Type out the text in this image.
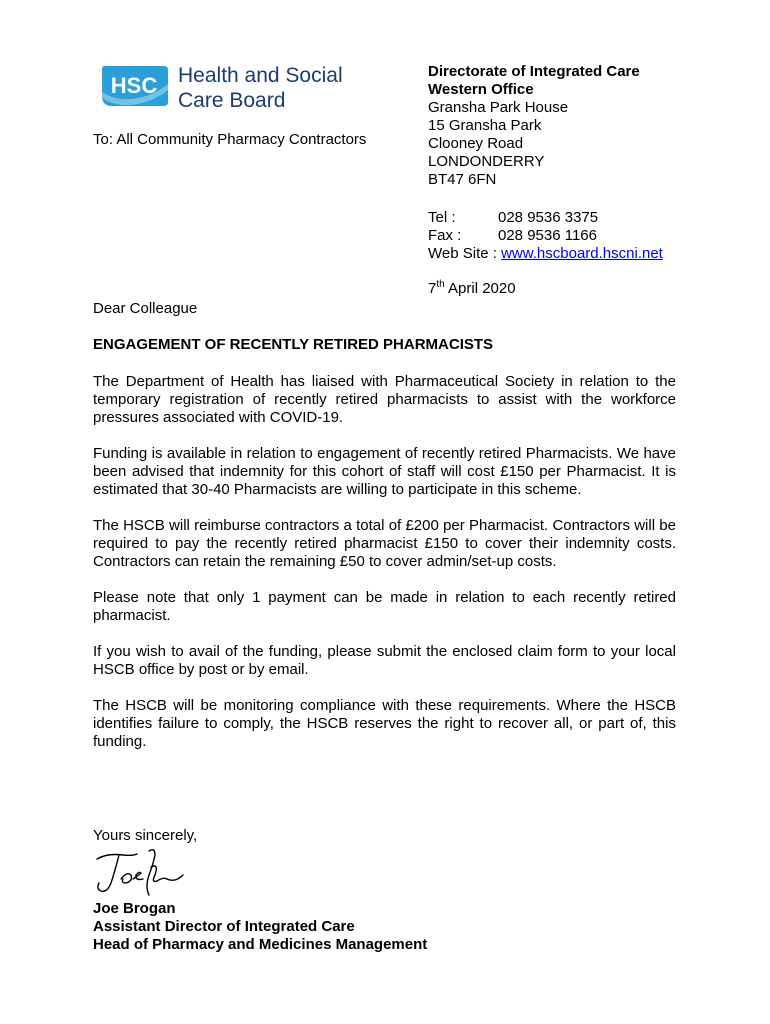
HSC Health and Social
Care Board
To: All Community Pharmacy Contractors
Directorate of Integrated Care
Western Office
Gransha Park House
15 Gransha Park
Clooney Road
LONDONDERRY
BT47 6FN
Tel :	028 9536 3375
Fax : 028 9536 1166
Web Site : www.hscboard.hscni.net
7th April 2020
Dear Colleague
ENGAGEMENT OF RECENTLY RETIRED PHARMACISTS

The Department of Health has liaised with Pharmaceutical Society in relation to the temporary registration of recently retired pharmacists to assist with the workforce pressures associated with COVID-19.

Funding is available in relation to engagement of recently retired Pharmacists. We have been advised that indemnity for this cohort of staff will cost £150 per Pharmacist. It is estimated that 30-40 Pharmacists are willing to participate in this scheme.

The HSCB will reimburse contractors a total of £200 per Pharmacist. Contractors will be required to pay the recently retired pharmacist £150 to cover their indemnity costs. Contractors can retain the remaining £50 to cover admin/set-up costs.

Please note that only 1 payment can be made in relation to each recently retired pharmacist.

If you wish to avail of the funding, please submit the enclosed claim form to your local HSCB office by post or by email.

The HSCB will be monitoring compliance with these requirements. Where the HSCB identifies failure to comply, the HSCB reserves the right to recover all, or part of, this funding.

Yours sincerely,
Joe Brogan
Assistant Director of Integrated Care
Head of Pharmacy and Medicines Management
